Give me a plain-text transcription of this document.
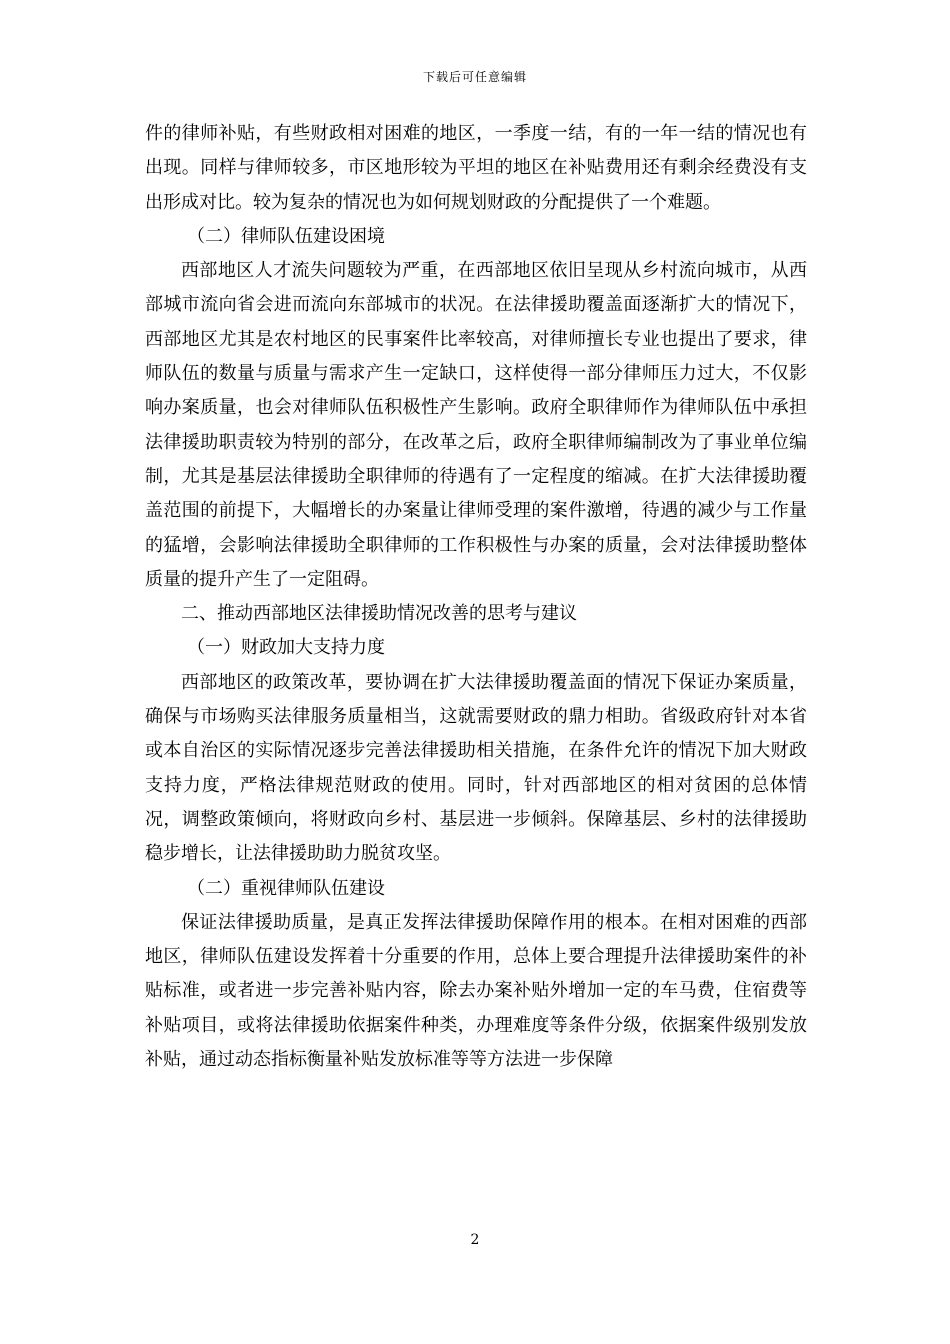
下载后可任意编辑

件的律师补贴，有些财政相对困难的地区，一季度一结，有的一年一结的情况也有出现。同样与律师较多，市区地形较为平坦的地区在补贴费用还有剩余经费没有支出形成对比。较为复杂的情况也为如何规划财政的分配提供了一个难题。

（二）律师队伍建设困境

西部地区人才流失问题较为严重，在西部地区依旧呈现从乡村流向城市，从西部城市流向省会进而流向东部城市的状况。在法律援助覆盖面逐渐扩大的情况下，西部地区尤其是农村地区的民事案件比率较高，对律师擅长专业也提出了要求，律师队伍的数量与质量与需求产生一定缺口，这样使得一部分律师压力过大，不仅影响办案质量，也会对律师队伍积极性产生影响。政府全职律师作为律师队伍中承担法律援助职责较为特别的部分，在改革之后，政府全职律师编制改为了事业单位编制，尤其是基层法律援助全职律师的待遇有了一定程度的缩减。在扩大法律援助覆盖范围的前提下，大幅增长的办案量让律师受理的案件激增，待遇的减少与工作量的猛增，会影响法律援助全职律师的工作积极性与办案的质量，会对法律援助整体质量的提升产生了一定阻碍。

二、推动西部地区法律援助情况改善的思考与建议

（一）财政加大支持力度

西部地区的政策改革，要协调在扩大法律援助覆盖面的情况下保证办案质量，确保与市场购买法律服务质量相当，这就需要财政的鼎力相助。省级政府针对本省或本自治区的实际情况逐步完善法律援助相关措施，在条件允许的情况下加大财政支持力度，严格法律规范财政的使用。同时，针对西部地区的相对贫困的总体情况，调整政策倾向，将财政向乡村、基层进一步倾斜。保障基层、乡村的法律援助稳步增长，让法律援助助力脱贫攻坚。

（二）重视律师队伍建设

保证法律援助质量，是真正发挥法律援助保障作用的根本。在相对困难的西部地区，律师队伍建设发挥着十分重要的作用，总体上要合理提升法律援助案件的补贴标准，或者进一步完善补贴内容，除去办案补贴外增加一定的车马费，住宿费等补贴项目，或将法律援助依据案件种类，办理难度等条件分级，依据案件级别发放补贴，通过动态指标衡量补贴发放标准等等方法进一步保障

2
